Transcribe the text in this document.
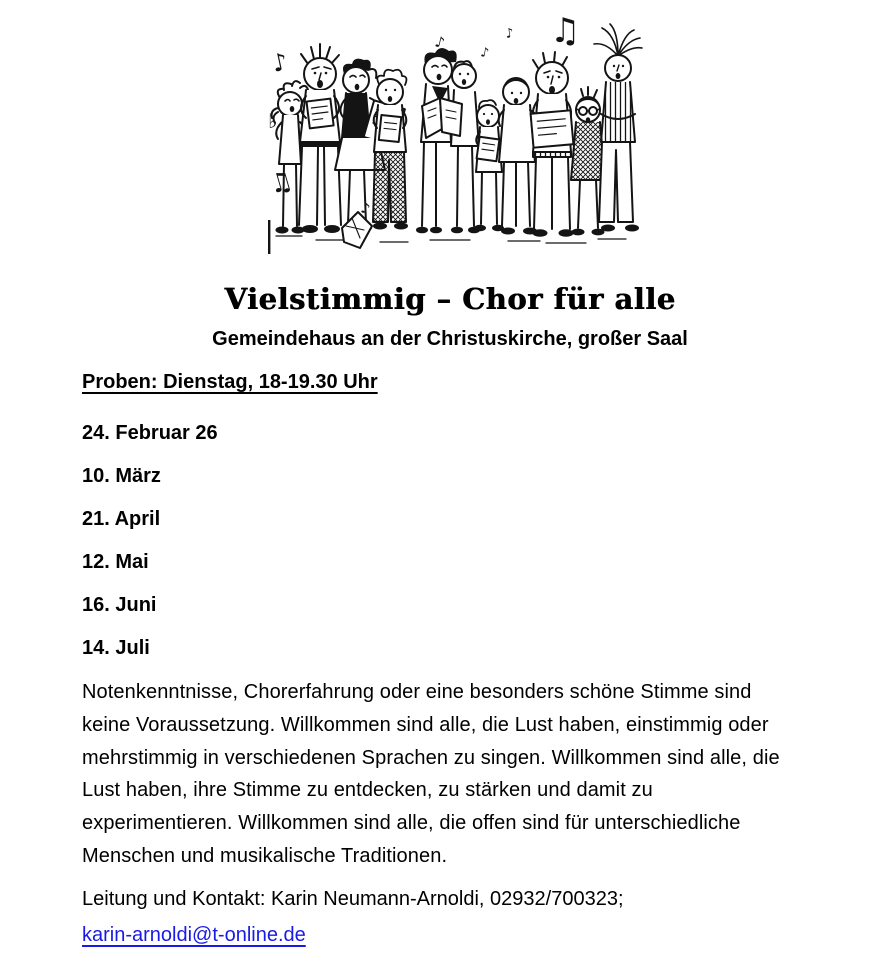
♪
♭
♫
♪
♪	♫
♪
♪
Vielstimmig – Chor für alle
Gemeindehaus an der Christuskirche, großer Saal
Proben: Dienstag, 18-19.30 Uhr
24. Februar 26
10. März
21. April
12. Mai
16. Juni
14. Juli
Notenkenntnisse, Chorerfahrung oder eine besonders schöne Stimme sind
keine Voraussetzung. Willkommen sind alle, die Lust haben, einstimmig oder
mehrstimmig in verschiedenen Sprachen zu singen. Willkommen sind alle, die
Lust haben, ihre Stimme zu entdecken, zu stärken und damit zu
experimentieren. Willkommen sind alle, die offen sind für unterschiedliche
Menschen und musikalische Traditionen.
Leitung und Kontakt: Karin Neumann-Arnoldi, 02932/700323;
karin-arnoldi@t-online.de
